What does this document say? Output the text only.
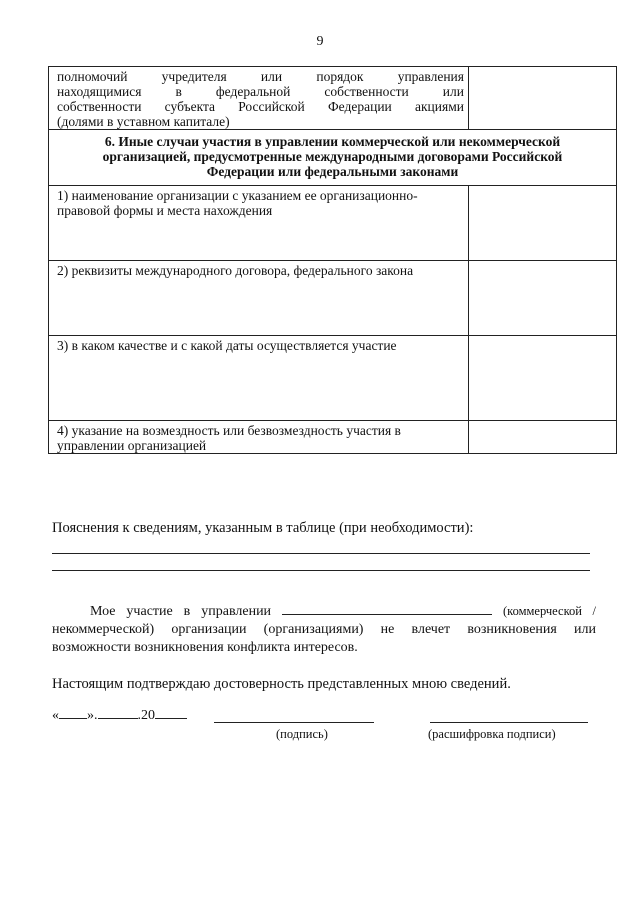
9
полномочий учредителя или порядок управления
находящимися в федеральной собственности или
собственности субъекта Российской Федерации акциями
(долями в уставном капитале)	

6. Иные случаи участия в управлении коммерческой или некоммерческой
организацией, предусмотренные международными договорами Российской
Федерации или федеральными законами	

1) наименование организации с указанием ее организационно-
правовой формы и места нахождения	

2) реквизиты международного договора, федерального закона	

3) в каком качестве и с какой даты осуществляется участие	

4) указание на возмездность или безвозмездность участия в
управлении организацией	

Пояснения к сведениям, указанным в таблице (при необходимости):
Мое участие в управлении	(коммерческой /
некоммерческой) организации (организациями) не влечет возникновения или
возможности возникновения конфликта интересов.
Настоящим подтверждаю достоверность представленных мною сведений.
« ».	.20
(подпись)	(расшифровка подписи)
